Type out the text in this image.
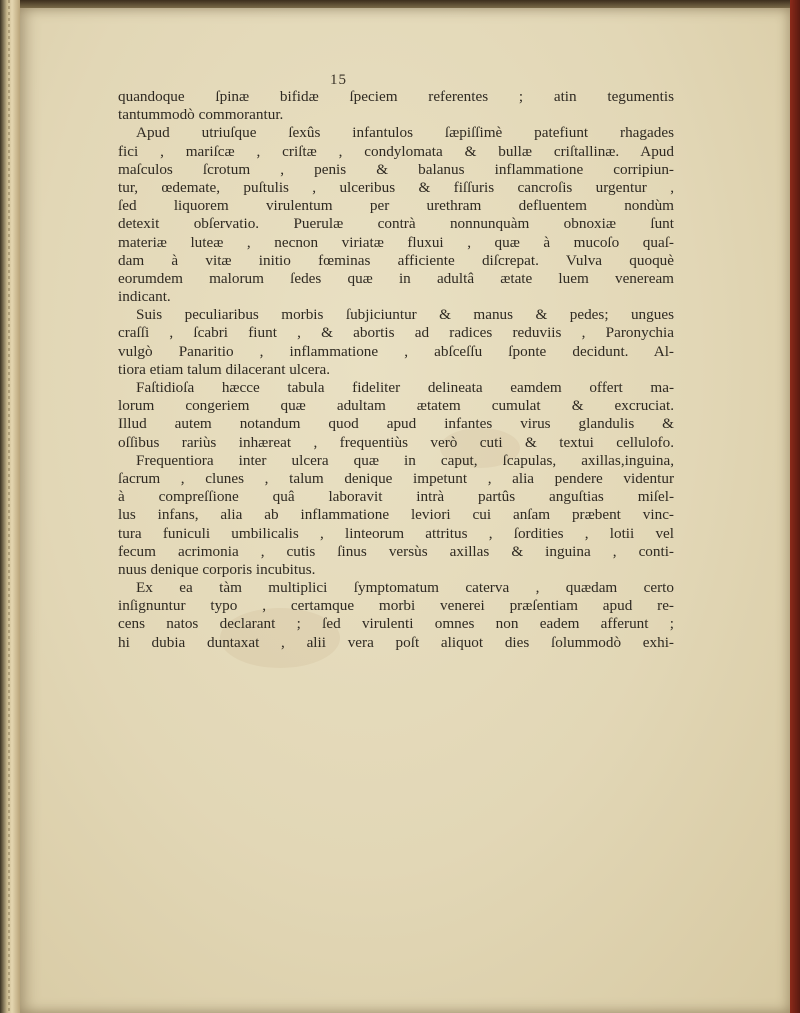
15
quandoque ſpinæ bifidæ ſpeciem referentes ; atin tegumentis
tantummodò commorantur.
Apud utriuſque ſexûs infantulos ſæpiſſimè patefiunt rhagades
fici , mariſcæ , criſtæ , condylomata & bullæ criſtallinæ. Apud
maſculos ſcrotum , penis & balanus inflammatione corripiun-
tur, œdemate, puſtulis , ulceribus & fiſſuris cancroſis urgentur ,
ſed liquorem virulentum per urethram defluentem nondùm
detexit obſervatio. Puerulæ contrà nonnunquàm obnoxiæ ſunt
materiæ luteæ , necnon viriatæ fluxui , quæ à mucoſo quaſ-
dam à vitæ initio fœminas afficiente diſcrepat. Vulva quoquè
eorumdem malorum ſedes quæ in adultâ ætate luem veneream
indicant.
Suis peculiaribus morbis ſubjiciuntur & manus & pedes; ungues
craſſi , ſcabri fiunt , & abortis ad radices reduviis , Paronychia
vulgò Panaritio , inflammatione , abſceſſu ſponte decidunt. Al-
tiora etiam talum dilacerant ulcera.
Faſtidioſa hæcce tabula fideliter delineata eamdem offert ma-
lorum congeriem quæ adultam ætatem cumulat & excruciat.
Illud autem notandum quod apud infantes virus glandulis &
oſſibus rariùs inhæreat , frequentiùs verò cuti & textui cellulofo.
Frequentiora inter ulcera quæ in caput, ſcapulas, axillas,inguina,
ſacrum , clunes , talum denique impetunt , alia pendere videntur
à compreſſione quâ laboravit intrà partûs anguſtias miſel-
lus infans, alia ab inflammatione leviori cui anſam præbent vinc-
tura funiculi umbilicalis , linteorum attritus , ſordities , lotii vel
fecum acrimonia , cutis ſinus versùs axillas & inguina , conti-
nuus denique corporis incubitus.
Ex ea tàm multiplici ſymptomatum caterva , quædam certo
inſignuntur typo , certamque morbi venerei præſentiam apud re-
cens natos declarant ; ſed virulenti omnes non eadem afferunt ;
hi dubia duntaxat , alii vera poſt aliquot dies ſolummodò exhi-
